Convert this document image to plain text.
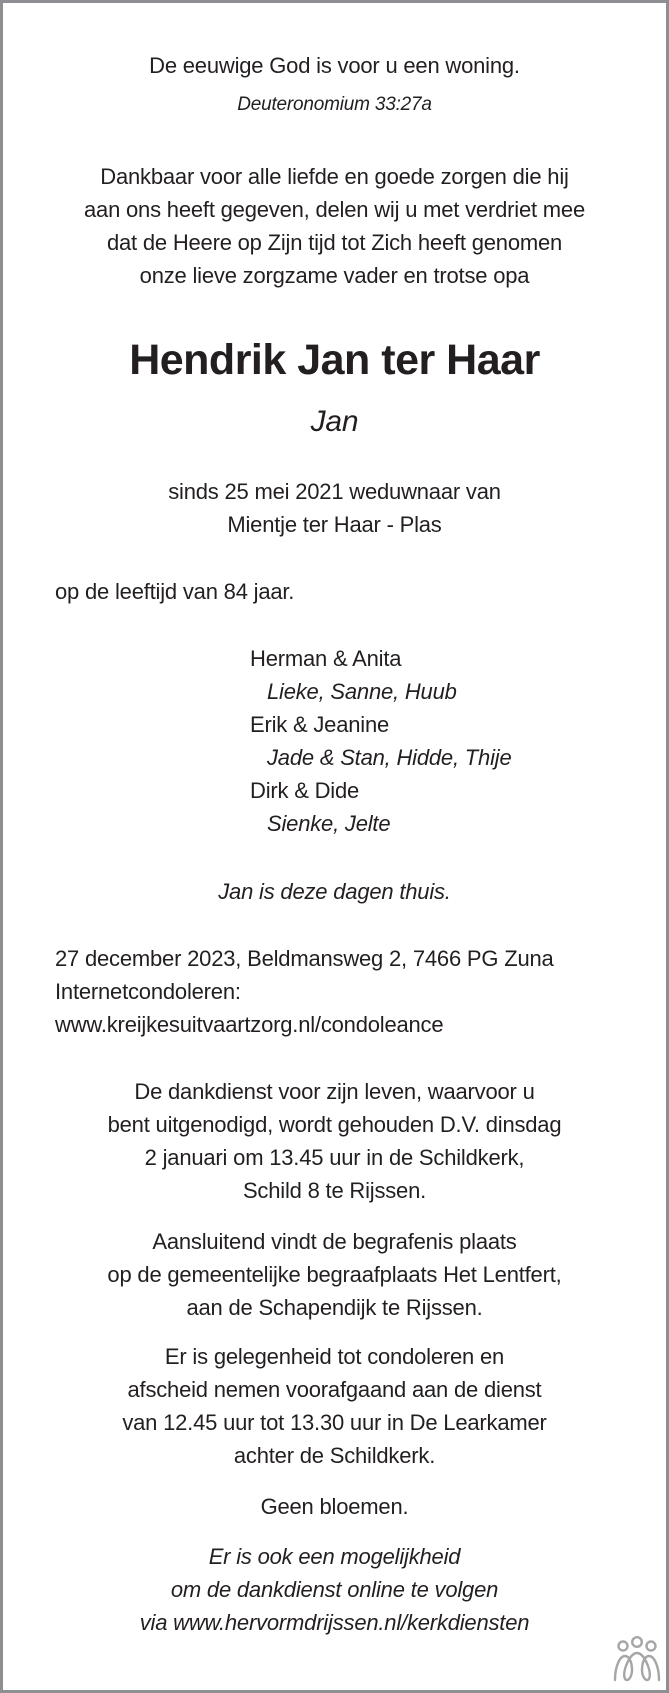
De eeuwige God is voor u een woning.
Deuteronomium 33:27a
Dankbaar voor alle liefde en goede zorgen die hij
aan ons heeft gegeven, delen wij u met verdriet mee
dat de Heere op Zijn tijd tot Zich heeft genomen
onze lieve zorgzame vader en trotse opa
Hendrik Jan ter Haar
Jan
sinds 25 mei 2021 weduwnaar van
Mientje ter Haar - Plas
op de leeftijd van 84 jaar.
Herman & Anita
Lieke, Sanne, Huub
Erik & Jeanine
Jade & Stan, Hidde, Thije
Dirk & Dide
Sienke, Jelte
Jan is deze dagen thuis.
27 december 2023, Beldmansweg 2, 7466 PG Zuna
Internetcondoleren:
www.kreijkesuitvaartzorg.nl/condoleance
De dankdienst voor zijn leven, waarvoor u
bent uitgenodigd, wordt gehouden D.V. dinsdag
2 januari om 13.45 uur in de Schildkerk,
Schild 8 te Rijssen.
Aansluitend vindt de begrafenis plaats
op de gemeentelijke begraafplaats Het Lentfert,
aan de Schapendijk te Rijssen.
Er is gelegenheid tot condoleren en
afscheid nemen voorafgaand aan de dienst
van 12.45 uur tot 13.30 uur in De Learkamer
achter de Schildkerk.
Geen bloemen.
Er is ook een mogelijkheid
om de dankdienst online te volgen
via www.hervormdrijssen.nl/kerkdiensten
